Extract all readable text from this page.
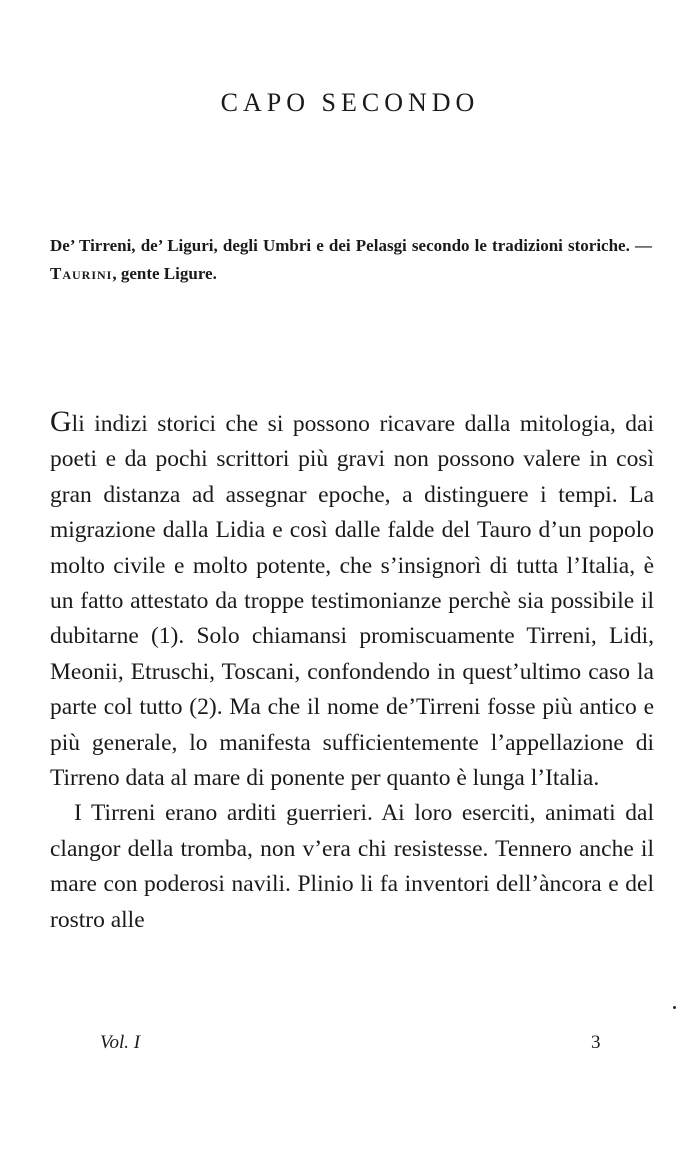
CAPO SECONDO
De’ Tirreni, de’ Liguri, degli Umbri e dei Pelasgi secondo le tradizioni storiche. — Taurini, gente Ligure.

Gli indizi storici che si possono ricavare dalla mitologia, dai poeti e da pochi scrittori più gravi non possono valere in così gran distanza ad assegnar epoche, a distinguere i tempi. La migrazione dalla Lidia e così dalle falde del Tauro d’un popolo molto civile e molto potente, che s’insignorì di tutta l’Italia, è un fatto attestato da troppe testimonianze perchè sia possibile il dubitarne (1). Solo chiamansi promiscuamente Tirreni, Lidi, Meonii, Etruschi, Toscani, confondendo in quest’ultimo caso la parte col tutto (2). Ma che il nome de’Tirreni fosse più antico e più generale, lo manifesta sufficientemente l’appellazione di Tirreno data al mare di ponente per quanto è lunga l’Italia.

I Tirreni erano arditi guerrieri. Ai loro eserciti, animati dal clangor della tromba, non v’era chi resistesse. Tennero anche il mare con poderosi navili. Plinio li fa inventori dell’àncora e del rostro alle

Vol. I	3
